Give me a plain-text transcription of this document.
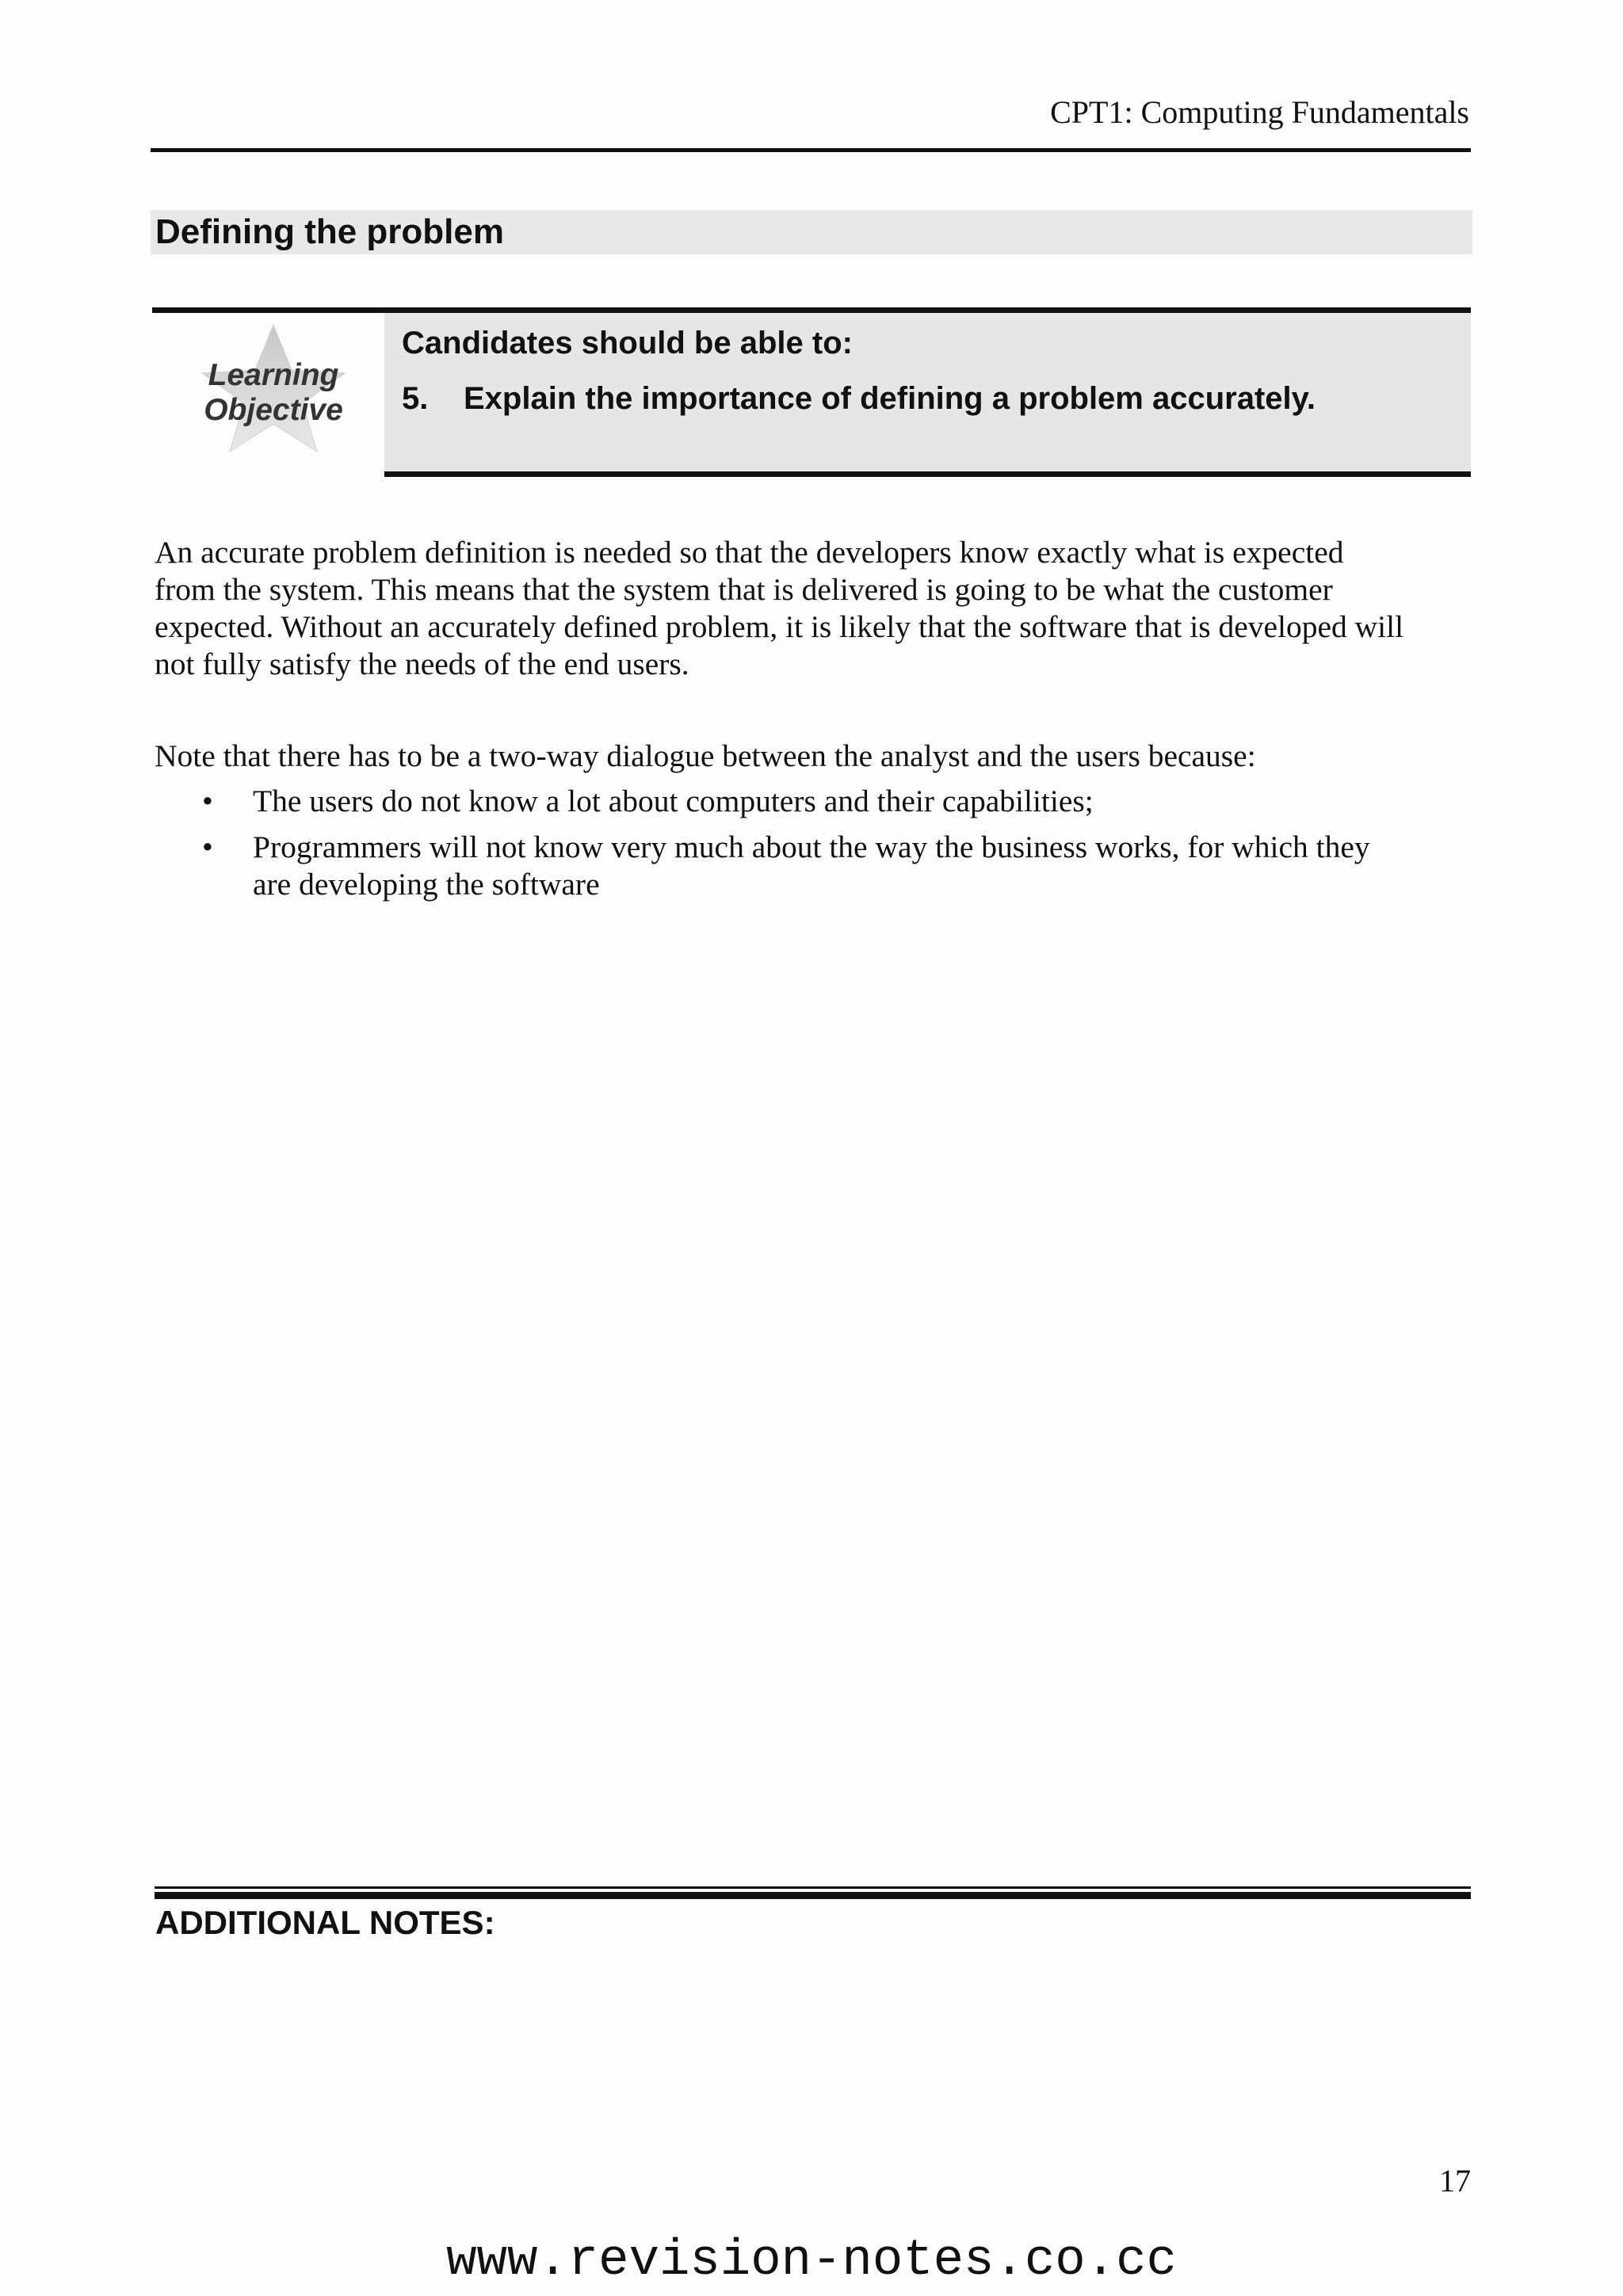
CPT1: Computing Fundamentals
Defining the problem
Learning
Objective
Candidates should be able to:
5. Explain the importance of defining a problem accurately.

An accurate problem definition is needed so that the developers know exactly what is expected
from the system. This means that the system that is delivered is going to be what the customer
expected. Without an accurately defined problem, it is likely that the software that is developed will
not fully satisfy the needs of the end users.

Note that there has to be a two-way dialogue between the analyst and the users because:

• The users do not know a lot about computers and their capabilities;
• Programmers will not know very much about the way the business works, for which they
are developing the software
ADDITIONAL NOTES:
17
www.revision-notes.co.cc
